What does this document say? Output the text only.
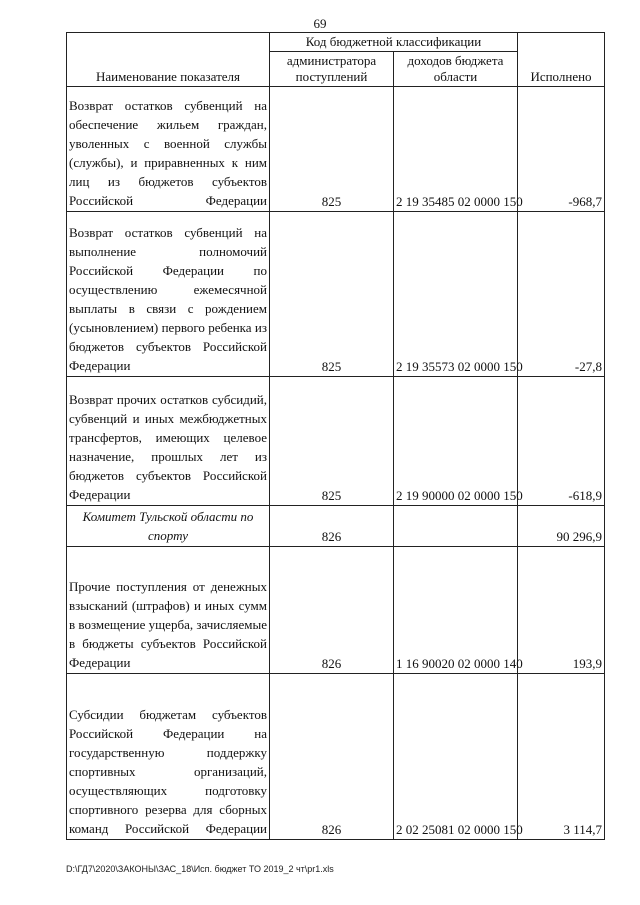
69
Наименование показателя	Код бюджетной классификации		Исполнено
	администратора поступлений	доходов бюджета области	
Возврат остатков субвенций на обеспечение жильем граждан, уволенных с военной службы (службы), и приравненных к ним лиц из бюджетов субъектов Российской Федерации	825	2 19 35485 02 0000 150	-968,7
Возврат остатков субвенций на выполнение полномочий Российской Федерации по осуществлению ежемесячной выплаты в связи с рождением (усыновлением) первого ребенка из бюджетов субъектов Российской Федерации	825	2 19 35573 02 0000 150	-27,8
Возврат прочих остатков субсидий, субвенций и иных межбюджетных трансфертов, имеющих целевое назначение, прошлых лет из бюджетов субъектов Российской Федерации	825	2 19 90000 02 0000 150	-618,9
Комитет Тульской области по спорту	826		90 296,9
Прочие поступления от денежных взысканий (штрафов) и иных сумм в возмещение ущерба, зачисляемые в бюджеты субъектов Российской Федерации	826	1 16 90020 02 0000 140	193,9
Субсидии бюджетам субъектов Российской Федерации на государственную поддержку спортивных организаций, осуществляющих подготовку спортивного резерва для сборных команд Российской Федерации	826	2 02 25081 02 0000 150	3 114,7
D:\ГД7\2020\ЗАКОНЫ\ЗАС_18\Исп. бюджет ТО 2019_2 чт\pr1.xls
